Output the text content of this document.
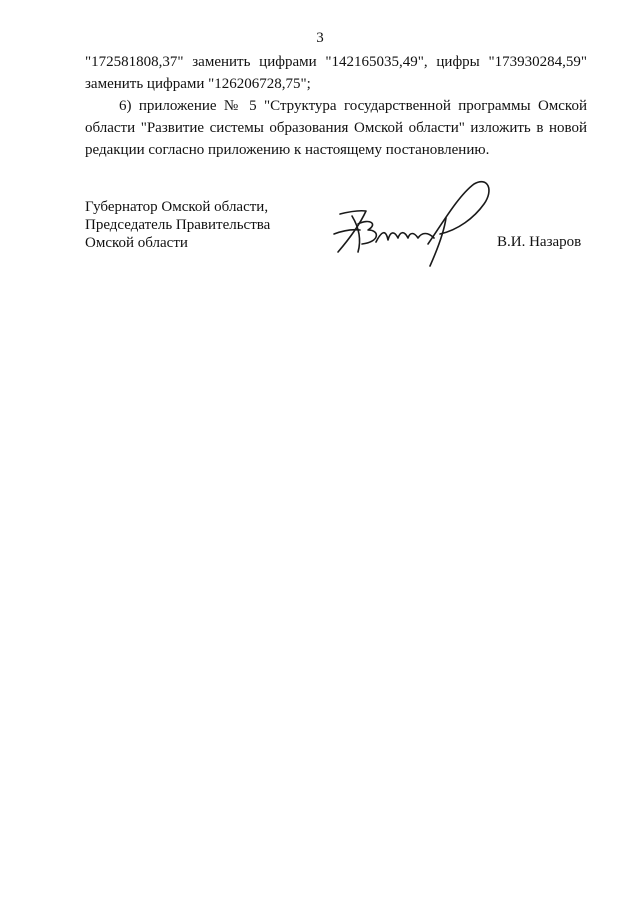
3

"172581808,37" заменить цифрами "142165035,49", цифры "173930284,59"

заменить цифрами "126206728,75";

6) приложение № 5 "Структура государственной программы Омской области "Развитие системы образования Омской области" изложить в новой редакции согласно приложению к настоящему постановлению.

Губернатор Омской области,
Председатель Правительства
Омской области	В.И. Назаров
